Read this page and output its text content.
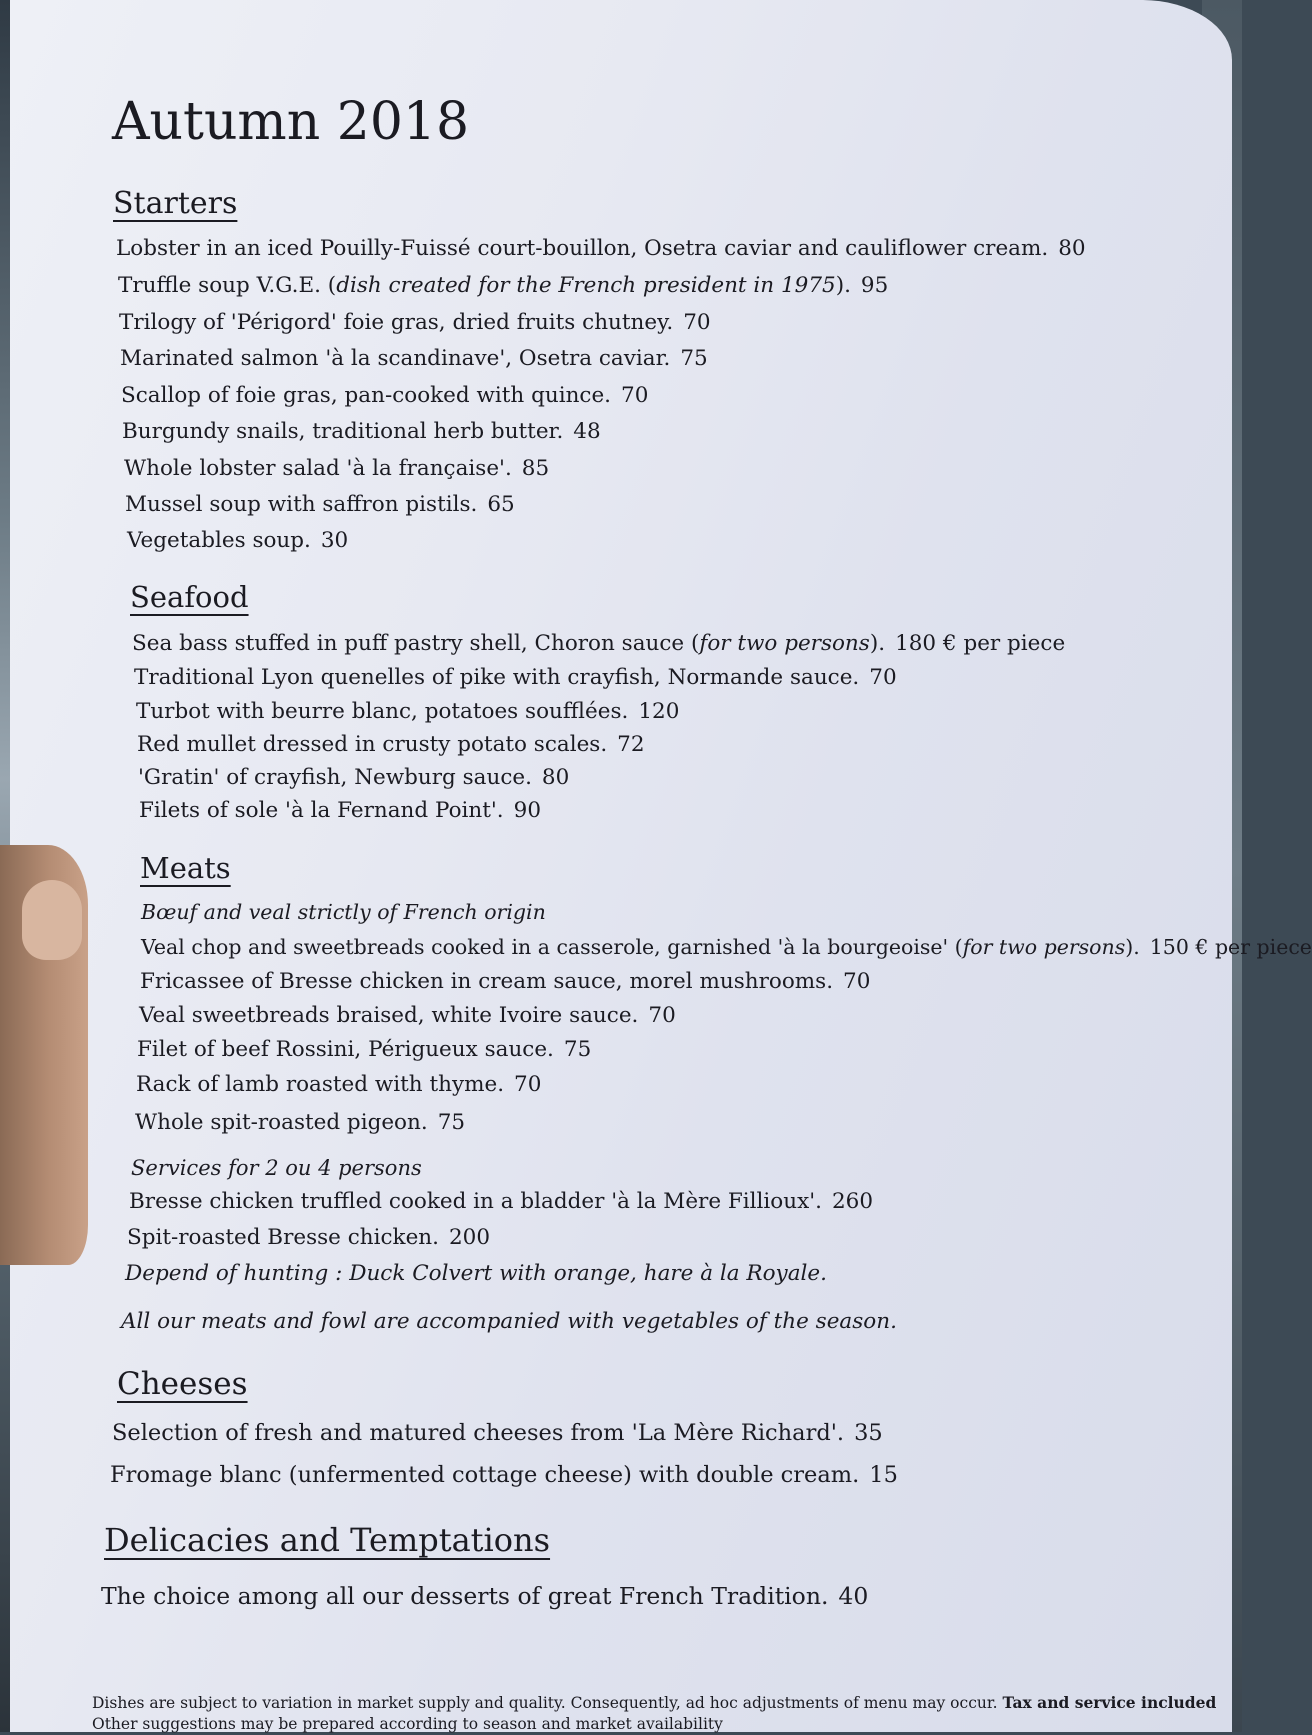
Autumn 2018
Starters
Lobster in an iced Pouilly-Fuissé court-bouillon, Osetra caviar and cauliflower cream. 80
Truffle soup V.G.E. (dish created for the French president in 1975). 95
Trilogy of 'Périgord' foie gras, dried fruits chutney. 70
Marinated salmon 'à la scandinave', Osetra caviar. 75
Scallop of foie gras, pan-cooked with quince. 70
Burgundy snails, traditional herb butter. 48
Whole lobster salad 'à la française'. 85
Mussel soup with saffron pistils. 65
Vegetables soup. 30
Seafood
Sea bass stuffed in puff pastry shell, Choron sauce (for two persons). 180 € per piece
Traditional Lyon quenelles of pike with crayfish, Normande sauce. 70
Turbot with beurre blanc, potatoes soufflées. 120
Red mullet dressed in crusty potato scales. 72
'Gratin' of crayfish, Newburg sauce. 80
Filets of sole 'à la Fernand Point'. 90
Meats
Bœuf and veal strictly of French origin
Veal chop and sweetbreads cooked in a casserole, garnished 'à la bourgeoise' (for two persons). 150 € per piece
Fricassee of Bresse chicken in cream sauce, morel mushrooms. 70
Veal sweetbreads braised, white Ivoire sauce. 70
Filet of beef Rossini, Périgueux sauce. 75
Rack of lamb roasted with thyme. 70
Whole spit-roasted pigeon. 75
Services for 2 ou 4 persons
Bresse chicken truffled cooked in a bladder 'à la Mère Fillioux'. 260
Spit-roasted Bresse chicken. 200
Depend of hunting : Duck Colvert with orange, hare à la Royale.
All our meats and fowl are accompanied with vegetables of the season.
Cheeses
Selection of fresh and matured cheeses from 'La Mère Richard'. 35
Fromage blanc (unfermented cottage cheese) with double cream. 15
Delicacies and Temptations
The choice among all our desserts of great French Tradition. 40
Dishes are subject to variation in market supply and quality. Consequently, ad hoc adjustments of menu may occur. Tax and service included
Other suggestions may be prepared according to season and market availability
